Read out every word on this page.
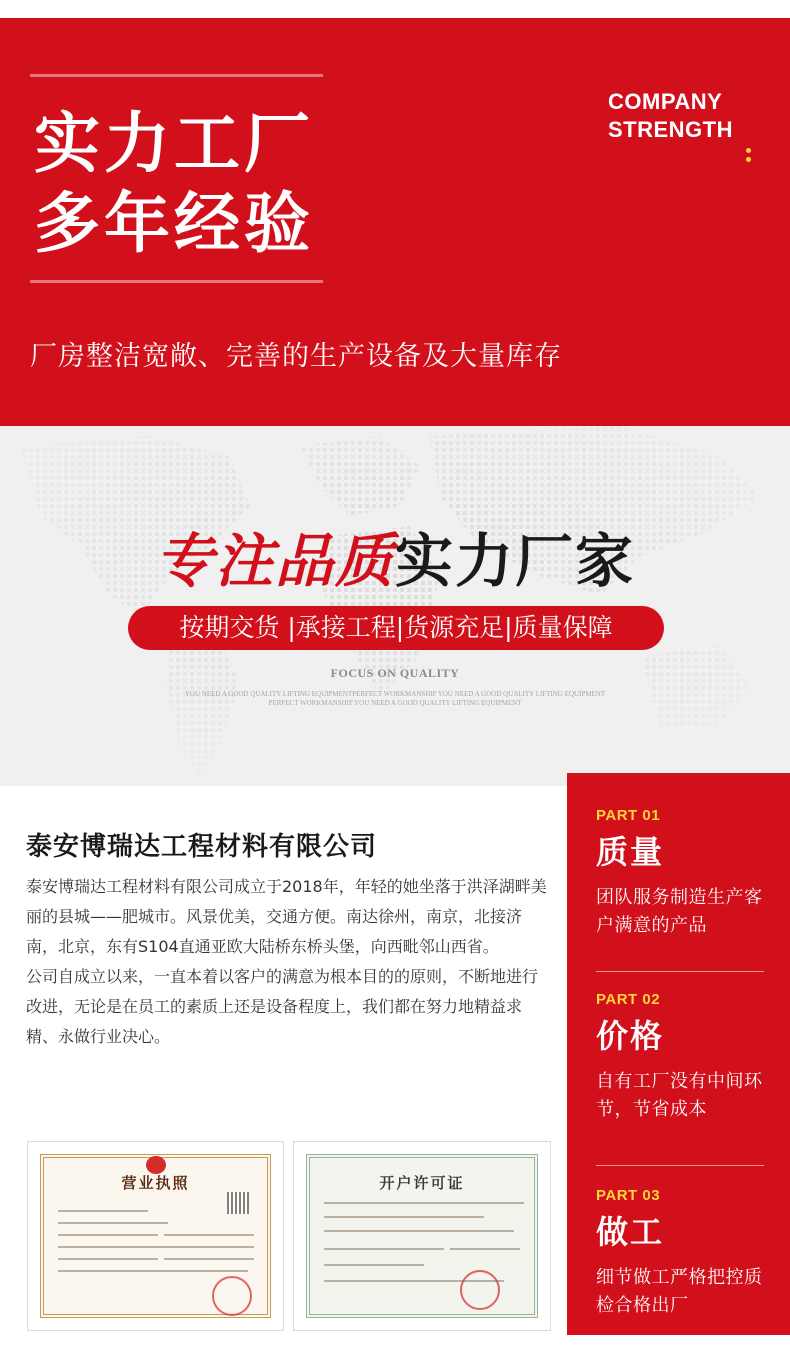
实力工厂
多年经验
COMPANY
STRENGTH
厂房整洁宽敞、完善的生产设备及大量库存
专注品质实力厂家
按期交货 |承接工程|货源充足|质量保障
FOCUS ON QUALITY
YOU NEED A GOOD QUALITY LIFTING EQUIPMENTPERFECT WORKMANSHIP YOU NEED A GOOD QUALITY LIFTING EQUIPMENT
PERFECT WORKMANSHIP YOU NEED A GOOD QUALITY LIFTING EQUIPMENT
泰安博瑞达工程材料有限公司

泰安博瑞达工程材料有限公司成立于2018年，年轻的她坐落于洪泽湖畔美丽的县城——肥城市。风景优美，交通方便。南达徐州，南京，北接济南，北京，东有S104直通亚欧大陆桥东桥头堡，向西毗邻山西省。

公司自成立以来，一直本着以客户的满意为根本目的的原则，不断地进行改进，无论是在员工的素质上还是设备程度上，我们都在努力地精益求精、永做行业决心。

营业执照	开户许可证
PART 01
质量
团队服务制造生产客户满意的产品
PART 02
价格
自有工厂没有中间环节，节省成本
PART 03
做工
细节做工严格把控质检合格出厂
